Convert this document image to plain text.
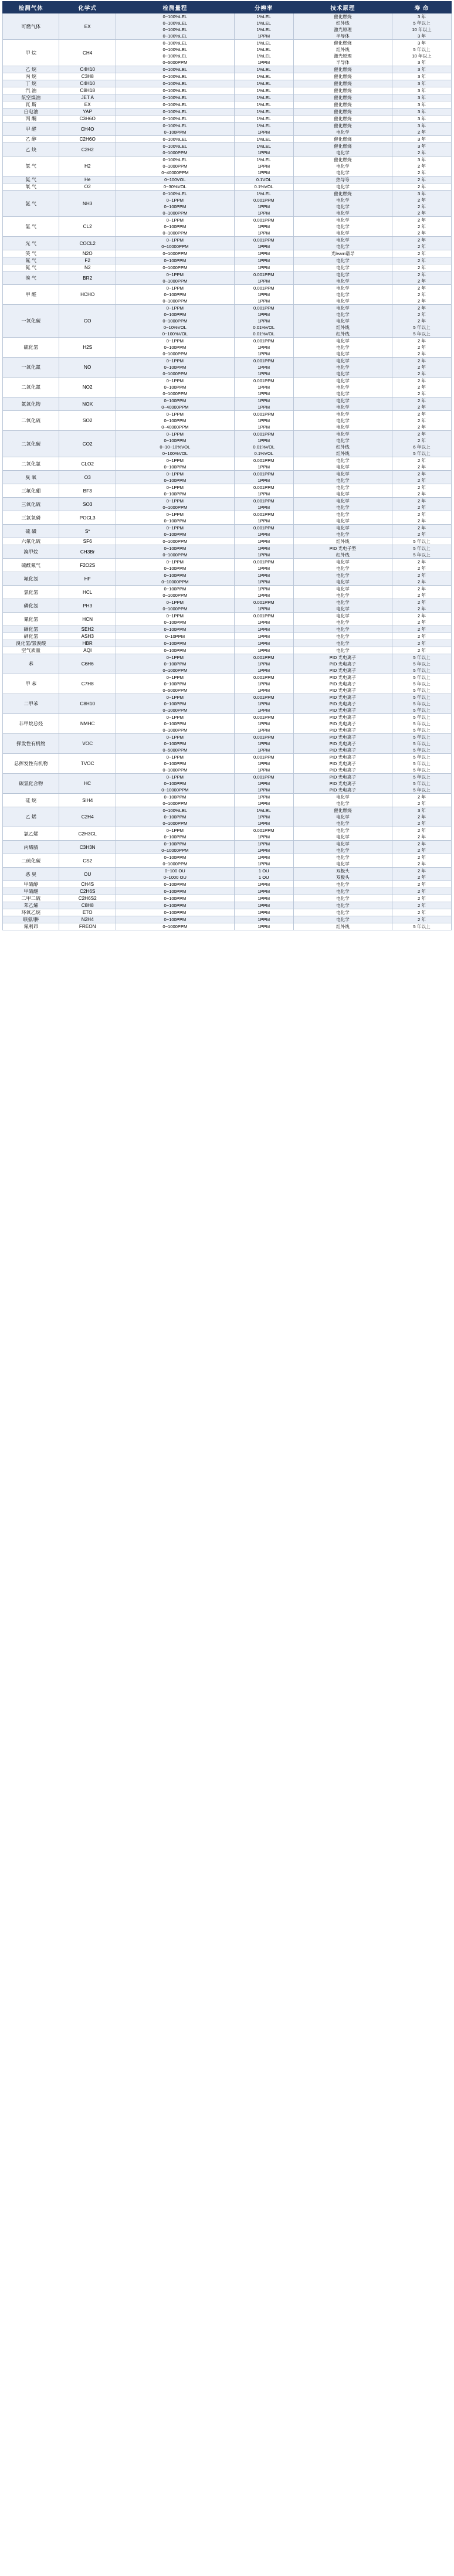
检测气体	化学式	检测量程	分辨率	技术原理	寿 命
可燃气体	EX	0~100%LEL	1%LEL	催化燃烧	3 年
		0~100%LEL	1%LEL	红外线	5 年以上
		0~100%LEL	1%LEL	激光原理	10 年以上
		0~100%LEL	1PPM	半导体	3 年
甲 烷	CH4	0~100%LEL	1%LEL	催化燃烧	3 年
		0~100%LEL	1%LEL	红外线	5 年以上
		0~100%LEL	1%LEL	激光原理	10 年以上
		0~5000PPM	1PPM	半导体	3 年
乙 烷	C4H10	0~100%LEL	1%LEL	催化燃烧	3 年
丙 烷	C3H8	0~100%LEL	1%LEL	催化燃烧	3 年
丁 烷	C4H10	0~100%LEL	1%LEL	催化燃烧	3 年
汽 油	C8H18	0~100%LEL	1%LEL	催化燃烧	3 年
航空煤油	JET A	0~100%LEL	1%LEL	催化燃烧	3 年
瓦 斯	EX	0~100%LEL	1%LEL	催化燃烧	3 年
白电油	YAP	0~100%LEL	1%LEL	催化燃烧	3 年
丙 酮	C3H6O	0~100%LEL	1%LEL	催化燃烧	3 年
甲 醛	CH4O	0~100%LEL	1%LEL	催化燃烧	3 年
		0~100PPM	1PPM	电化学	2 年
乙 醇	C2H6O	0~100%LEL	1%LEL	催化燃烧	3 年
乙 炔	C2H2	0~100%LEL	1%LEL	催化燃烧	3 年
		0~1000PPM	1PPM	电化学	2 年
氢 气	H2	0~100%LEL	1%LEL	催化燃烧	3 年
		0~1000PPM	1PPM	电化学	2 年
		0~40000PPM	1PPM	电化学	2 年
氦 气	He	0~100VOL	0.1VOL	热导等	2 年
氧 气	O2	0~30%VOL	0.1%VOL	电化学	2 年
氨 气	NH3	0~100%LEL	1%LEL	催化燃烧	3 年
		0~1PPM	0.001PPM	电化学	2 年
		0~100PPM	1PPM	电化学	2 年
		0~1000PPM	1PPM	电化学	2 年
氯 气	CL2	0~1PPM	0.001PPM	电化学	2 年
		0~100PPM	1PPM	电化学	2 年
		0~1000PPM	1PPM	电化学	2 年
光 气	COCL2	0~1PPM	0.001PPM	电化学	2 年
		0~10000PPM	1PPM	电化学	2 年
笑 气	N2O	0~1000PPM	1PPM	光learn谱导	2 年
氟 气	F2	0~100PPM	1PPM	电化学	2 年
氮 气	N2	0~1000PPM	1PPM	电化学	2 年
溴 气	BR2	0~1PPM	0.001PPM	电化学	2 年
		0~1000PPM	1PPM	电化学	2 年
甲 醛	HCHO	0~1PPM	0.001PPM	电化学	2 年
		0~100PPM	1PPM	电化学	2 年
		0~1000PPM	1PPM	电化学	2 年
一氧化碳	CO	0~1PPM	0.001PPM	电化学	2 年
		0~100PPM	1PPM	电化学	2 年
		0~1000PPM	1PPM	电化学	2 年
		0~10%VOL	0.01%VOL	红外线	5 年以上
		0~100%VOL	0.01%VOL	红外线	5 年以上
硫化氢	H2S	0~1PPM	0.001PPM	电化学	2 年
		0~100PPM	1PPM	电化学	2 年
		0~1000PPM	1PPM	电化学	2 年
一氧化氮	NO	0~1PPM	0.001PPM	电化学	2 年
		0~100PPM	1PPM	电化学	2 年
		0~1000PPM	1PPM	电化学	2 年
二氧化氮	NO2	0~1PPM	0.001PPM	电化学	2 年
		0~100PPM	1PPM	电化学	2 年
		0~1000PPM	1PPM	电化学	2 年
氮氧化物	NOX	0~100PPM	1PPM	电化学	2 年
		0~40000PPM	1PPM	电化学	2 年
二氧化硫	SO2	0~1PPM	0.001PPM	电化学	2 年
		0~100PPM	1PPM	电化学	2 年
		0~40000PPM	1PPM	电化学	2 年
二氧化碳	CO2	0~1PPM	0.001PPM	电化学	2 年
		0~100PPM	1PPM	电化学	2 年
		0~10~10%VOL	0.01%VOL	红外线	6 年以上
		0~100%VOL	0.1%VOL	红外线	5 年以上
二氧化氯	CLO2	0~1PPM	0.001PPM	电化学	2 年
		0~100PPM	1PPM	电化学	2 年
臭 氧	O3	0~1PPM	0.001PPM	电化学	2 年
		0~100PPM	1PPM	电化学	2 年
三氟化硼	BF3	0~1PPM	0.001PPM	电化学	2 年
		0~100PPM	1PPM	电化学	2 年
三氧化硫	SO3	0~1PPM	0.001PPM	电化学	2 年
		0~1000PPM	1PPM	电化学	2 年
三氯氧磷	POCL3	0~1PPM	0.001PPM	电化学	2 年
		0~100PPM	1PPM	电化学	2 年
硫 磺	S*	0~1PPM	0.001PPM	电化学	2 年
		0~100PPM	1PPM	电化学	2 年
六氟化硫	SF6	0~1000PPM	1PPM	红外线	5 年以上
溴甲烷	CH3Br	0~100PPM	1PPM	PID 光电子型	5 年以上
		0~1000PPM	1PPM	红外线	5 年以上
硫酰氟气	F2O2S	0~1PPM	0.001PPM	电化学	2 年
		0~100PPM	1PPM	电化学	2 年
氟化氢	HF	0~100PPM	1PPM	电化学	2 年
		0~10000PPM	1PPM	电化学	2 年
氯化氢	HCL	0~100PPM	1PPM	电化学	2 年
		0~1000PPM	1PPM	电化学	2 年
磷化氢	PH3	0~1PPM	0.001PPM	电化学	2 年
		0~1000PPM	1PPM	电化学	2 年
氰化氢	HCN	0~1PPM	0.001PPM	电化学	2 年
		0~100PPM	1PPM	电化学	2 年
硒化氢	SEH2	0~100PPM	1PPM	电化学	2 年
砷化氢	ASH3	0~10PPM	1PPM	电化学	2 年
溴化氢/氢溴酸	HBR	0~100PPM	1PPM	电化学	2 年
空气质量	AQI	0~100PPM	1PPM	电化学	2 年
苯	C6H6	0~1PPM	0.001PPM	PID 光电离子	5 年以上
		0~100PPM	1PPM	PID 光电离子	5 年以上
		0~1000PPM	1PPM	PID 光电离子	5 年以上
甲 苯	C7H8	0~1PPM	0.001PPM	PID 光电离子	5 年以上
		0~100PPM	1PPM	PID 光电离子	5 年以上
		0~5000PPM	1PPM	PID 光电离子	5 年以上
二甲苯	C8H10	0~1PPM	0.001PPM	PID 光电离子	5 年以上
		0~100PPM	1PPM	PID 光电离子	5 年以上
		0~1000PPM	1PPM	PID 光电离子	5 年以上
非甲烷总烃	NMHC	0~1PPM	0.001PPM	PID 光电离子	5 年以上
		0~100PPM	1PPM	PID 光电离子	5 年以上
		0~1000PPM	1PPM	PID 光电离子	5 年以上
挥发性有机物	VOC	0~1PPM	0.001PPM	PID 光电离子	5 年以上
		0~100PPM	1PPM	PID 光电离子	5 年以上
		0~5000PPM	1PPM	PID 光电离子	5 年以上
总挥发性有机物	TVOC	0~1PPM	0.001PPM	PID 光电离子	5 年以上
		0~100PPM	1PPM	PID 光电离子	5 年以上
		0~1000PPM	1PPM	PID 光电离子	5 年以上
碳氢化合物	HC	0~1PPM	0.001PPM	PID 光电离子	5 年以上
		0~100PPM	1PPM	PID 光电离子	5 年以上
		0~10000PPM	1PPM	PID 光电离子	5 年以上
硅 烷	SIH4	0~100PPM	1PPM	电化学	2 年
		0~1000PPM	1PPM	电化学	2 年
乙 烯	C2H4	0~100%LEL	1%LEL	催化燃烧	3 年
		0~100PPM	1PPM	电化学	2 年
		0~1000PPM	1PPM	电化学	2 年
氯乙烯	C2H3CL	0~1PPM	0.001PPM	电化学	2 年
		0~100PPM	1PPM	电化学	2 年
丙烯腈	C3H3N	0~100PPM	1PPM	电化学	2 年
		0~10000PPM	1PPM	电化学	2 年
二硫化碳	CS2	0~100PPM	1PPM	电化学	2 年
		0~1000PPM	1PPM	电化学	2 年
恶 臭	OU	0~100 OU	1 OU	双极头	2 年
		0~1000 OU	1 OU	双极头	2 年
甲硫醇	CH4S	0~100PPM	1PPM	电化学	2 年
甲硫醚	C2H6S	0~100PPM	1PPM	电化学	2 年
二甲二硫	C2H6S2	0~100PPM	1PPM	电化学	2 年
苯乙烯	C8H8	0~100PPM	1PPM	电化学	2 年
环氧乙烷	ETO	0~100PPM	1PPM	电化学	2 年
联氨/肼	N2H4	0~100PPM	1PPM	电化学	2 年
氟利昂	FREON	0~1000PPM	1PPM	红外线	5 年以上
